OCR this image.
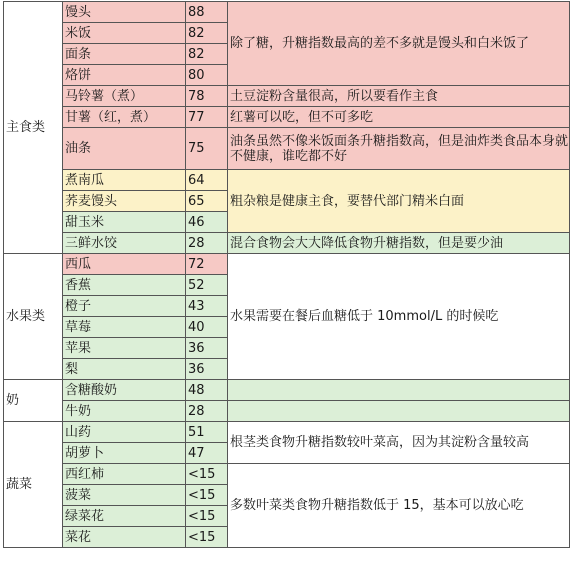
主食类	馒头	88	除了糖，升糖指数最高的差不多就是馒头和白米饭了
	米饭	82	
	面条	82	
	烙饼	80	
	马铃薯（煮）	78	土豆淀粉含量很高，所以要看作主食
	甘薯（红，煮）	77	红薯可以吃，但不可多吃
	油条	75	油条虽然不像米饭面条升糖指数高，但是油炸类食品本身就不健康，谁吃都不好
	煮南瓜	64	粗杂粮是健康主食，要替代部门精米白面
	荞麦馒头	65	
	甜玉米	46	
	三鲜水饺	28	混合食物会大大降低食物升糖指数，但是要少油
水果类	西瓜	72	水果需要在餐后血糖低于 10mmol/L 的时候吃
	香蕉	52	
	橙子	43	
	草莓	40	
	苹果	36	
	梨	36	
奶	含糖酸奶	48	
	牛奶	28	
蔬菜	山药	51	根茎类食物升糖指数较叶菜高，因为其淀粉含量较高
	胡萝卜	47	
	西红柿	<15	多数叶菜类食物升糖指数低于 15，基本可以放心吃
	菠菜	<15	
	绿菜花	<15	
	菜花	<15	
